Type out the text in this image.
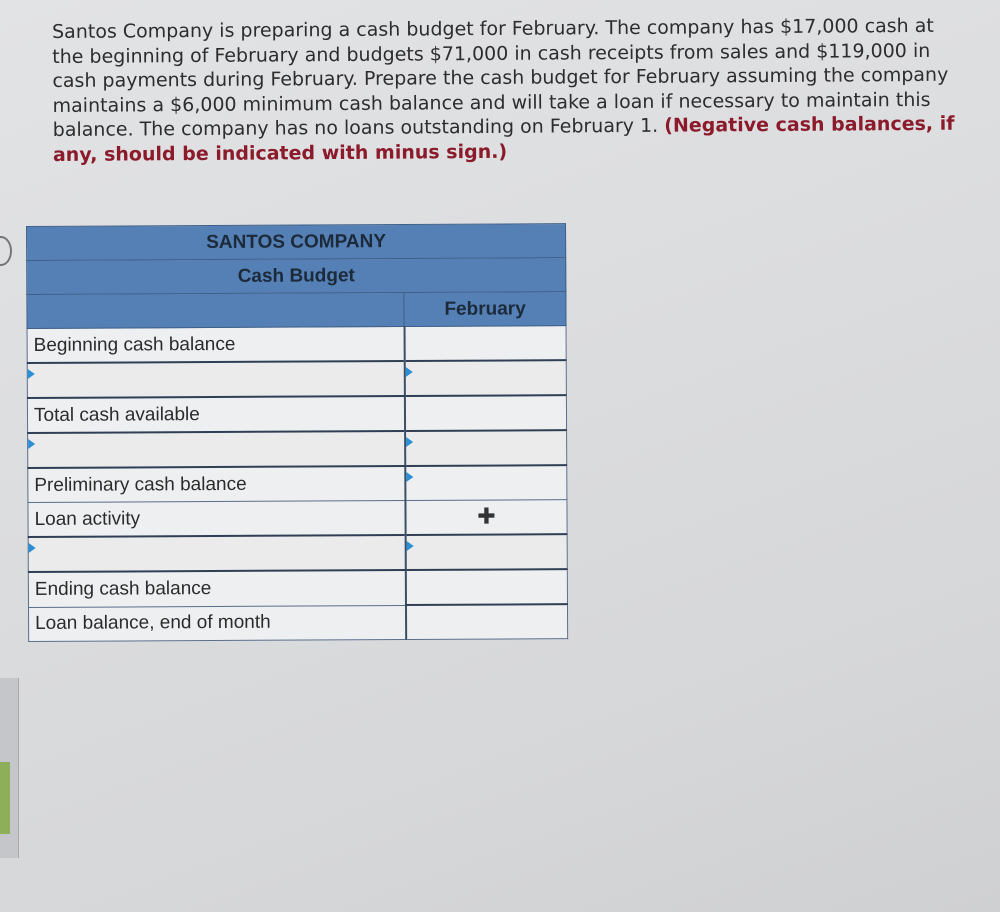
Santos Company is preparing a cash budget for February. The company has $17,000 cash at the beginning of February and budgets $71,000 in cash receipts from sales and $119,000 in cash payments during February. Prepare the cash budget for February assuming the company maintains a $6,000 minimum cash balance and will take a loan if necessary to maintain this balance. The company has no loans outstanding on February 1. (Negative cash balances, if any, should be indicated with minus sign.)
SANTOS COMPANY	
Cash Budget	
	February
Beginning cash balance	

Total cash available	

Preliminary cash balance	
Loan activity	✚

Ending cash balance	
Loan balance, end of month	
